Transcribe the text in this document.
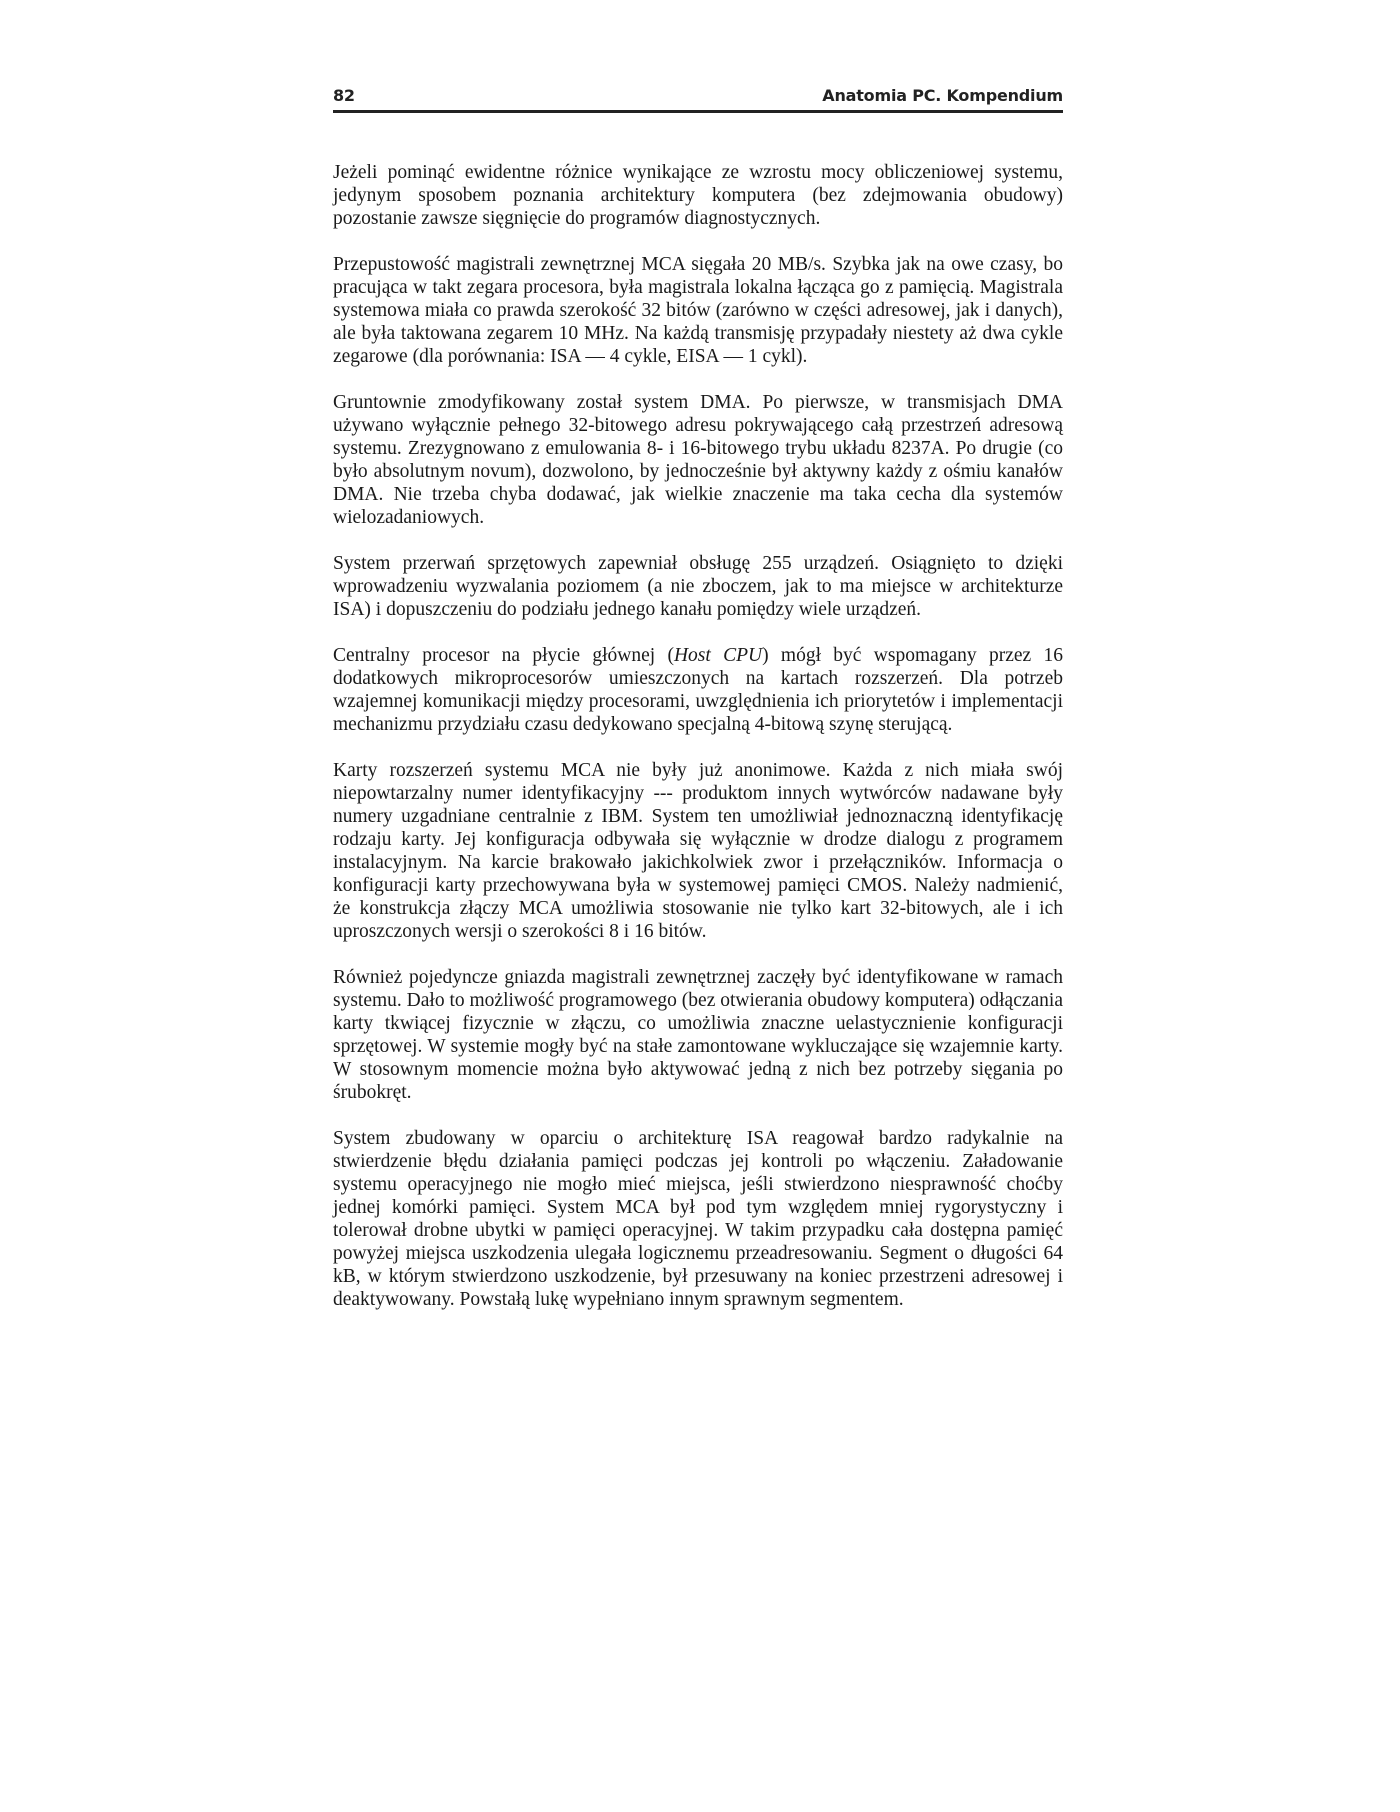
82	Anatomia PC. Kompendium

Jeżeli pominąć ewidentne różnice wynikające ze wzrostu mocy obliczeniowej systemu, jedynym sposobem poznania architektury komputera (bez zdejmowania obudowy) pozostanie zawsze sięgnięcie do programów diagnostycznych.

Przepustowość magistrali zewnętrznej MCA sięgała 20 MB/s. Szybka jak na owe czasy, bo pracująca w takt zegara procesora, była magistrala lokalna łącząca go z pamięcią. Magistrala systemowa miała co prawda szerokość 32 bitów (zarówno w części adresowej, jak i danych), ale była taktowana zegarem 10 MHz. Na każdą transmisję przypadały niestety aż dwa cykle zegarowe (dla porównania: ISA — 4 cykle, EISA — 1 cykl).

Gruntownie zmodyfikowany został system DMA. Po pierwsze, w transmisjach DMA używano wyłącznie pełnego 32-bitowego adresu pokrywającego całą przestrzeń adresową systemu. Zrezygnowano z emulowania 8- i 16-bitowego trybu układu 8237A. Po drugie (co było absolutnym novum), dozwolono, by jednocześnie był aktywny każdy z ośmiu kanałów DMA. Nie trzeba chyba dodawać, jak wielkie znaczenie ma taka cecha dla systemów wielozadaniowych.

System przerwań sprzętowych zapewniał obsługę 255 urządzeń. Osiągnięto to dzięki wprowadzeniu wyzwalania poziomem (a nie zboczem, jak to ma miejsce w architekturze ISA) i dopuszczeniu do podziału jednego kanału pomiędzy wiele urządzeń.

Centralny procesor na płycie głównej (Host CPU) mógł być wspomagany przez 16 dodatkowych mikroprocesorów umieszczonych na kartach rozszerzeń. Dla potrzeb wzajemnej komunikacji między procesorami, uwzględnienia ich priorytetów i implementacji mechanizmu przydziału czasu dedykowano specjalną 4-bitową szynę sterującą.

Karty rozszerzeń systemu MCA nie były już anonimowe. Każda z nich miała swój niepowtarzalny numer identyfikacyjny --- produktom innych wytwórców nadawane były numery uzgadniane centralnie z IBM. System ten umożliwiał jednoznaczną identyfikację rodzaju karty. Jej konfiguracja odbywała się wyłącznie w drodze dialogu z programem instalacyjnym. Na karcie brakowało jakichkolwiek zwor i przełączników. Informacja o konfiguracji karty przechowywana była w systemowej pamięci CMOS. Należy nadmienić, że konstrukcja złączy MCA umożliwia stosowanie nie tylko kart 32-bitowych, ale i ich uproszczonych wersji o szerokości 8 i 16 bitów.

Również pojedyncze gniazda magistrali zewnętrznej zaczęły być identyfikowane w ramach systemu. Dało to możliwość programowego (bez otwierania obudowy komputera) odłączania karty tkwiącej fizycznie w złączu, co umożliwia znaczne uelastycznienie konfiguracji sprzętowej. W systemie mogły być na stałe zamontowane wykluczające się wzajemnie karty. W stosownym momencie można było aktywować jedną z nich bez potrzeby sięgania po śrubokręt.

System zbudowany w oparciu o architekturę ISA reagował bardzo radykalnie na stwierdzenie błędu działania pamięci podczas jej kontroli po włączeniu. Załadowanie systemu operacyjnego nie mogło mieć miejsca, jeśli stwierdzono niesprawność choćby jednej komórki pamięci. System MCA był pod tym względem mniej rygorystyczny i tolerował drobne ubytki w pamięci operacyjnej. W takim przypadku cała dostępna pamięć powyżej miejsca uszkodzenia ulegała logicznemu przeadresowaniu. Segment o długości 64 kB, w którym stwierdzono uszkodzenie, był przesuwany na koniec przestrzeni adresowej i deaktywowany. Powstałą lukę wypełniano innym sprawnym segmentem.
